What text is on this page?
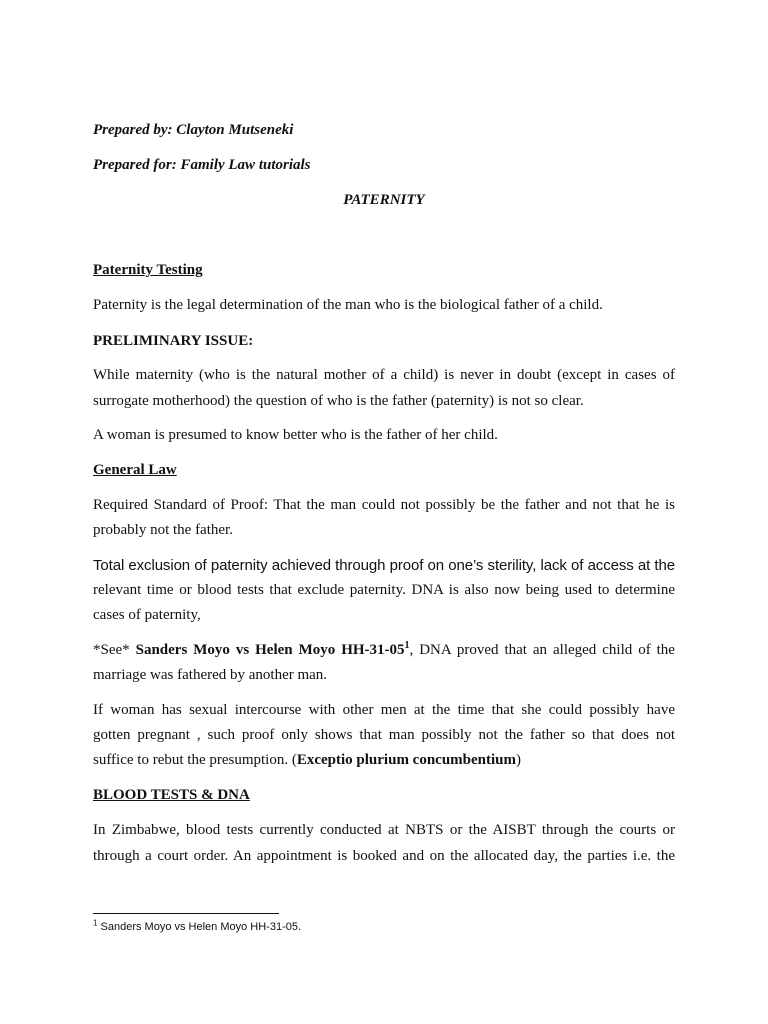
Prepared by: Clayton Mutseneki
Prepared for: Family Law tutorials
PATERNITY
Paternity Testing
Paternity is the legal determination of the man who is the biological father of a child.
PRELIMINARY ISSUE:
While maternity (who is the natural mother of a child) is never in doubt (except in cases of
surrogate motherhood) the question of who is the father (paternity) is not so clear.
A woman is presumed to know better who is the father of her child.
General Law
Required Standard of Proof: That the man could not possibly be the father and not that he is
probably not the father.
Total exclusion of paternity achieved through proof on one’s sterility, lack of access at the
relevant time or blood tests that exclude paternity. DNA is also now being used to determine
cases of paternity,
*See* Sanders Moyo vs Helen Moyo $HH-31-05^1$, DNA proved that an alleged child of the
marriage was fathered by another man.
If woman has sexual intercourse with other men at the time that she could possibly have
gotten pregnant , such proof only shows that man possibly not the father so that does not
suffice to rebut the presumption. (Exceptio plurium concumbentium)
BLOOD TESTS & DNA
In Zimbabwe, blood tests currently conducted at NBTS or the AISBT through the courts or
through a court order. An appointment is booked and on the allocated day, the parties i.e. the
$^1$ Sanders Moyo vs Helen Moyo HH-31-05.
